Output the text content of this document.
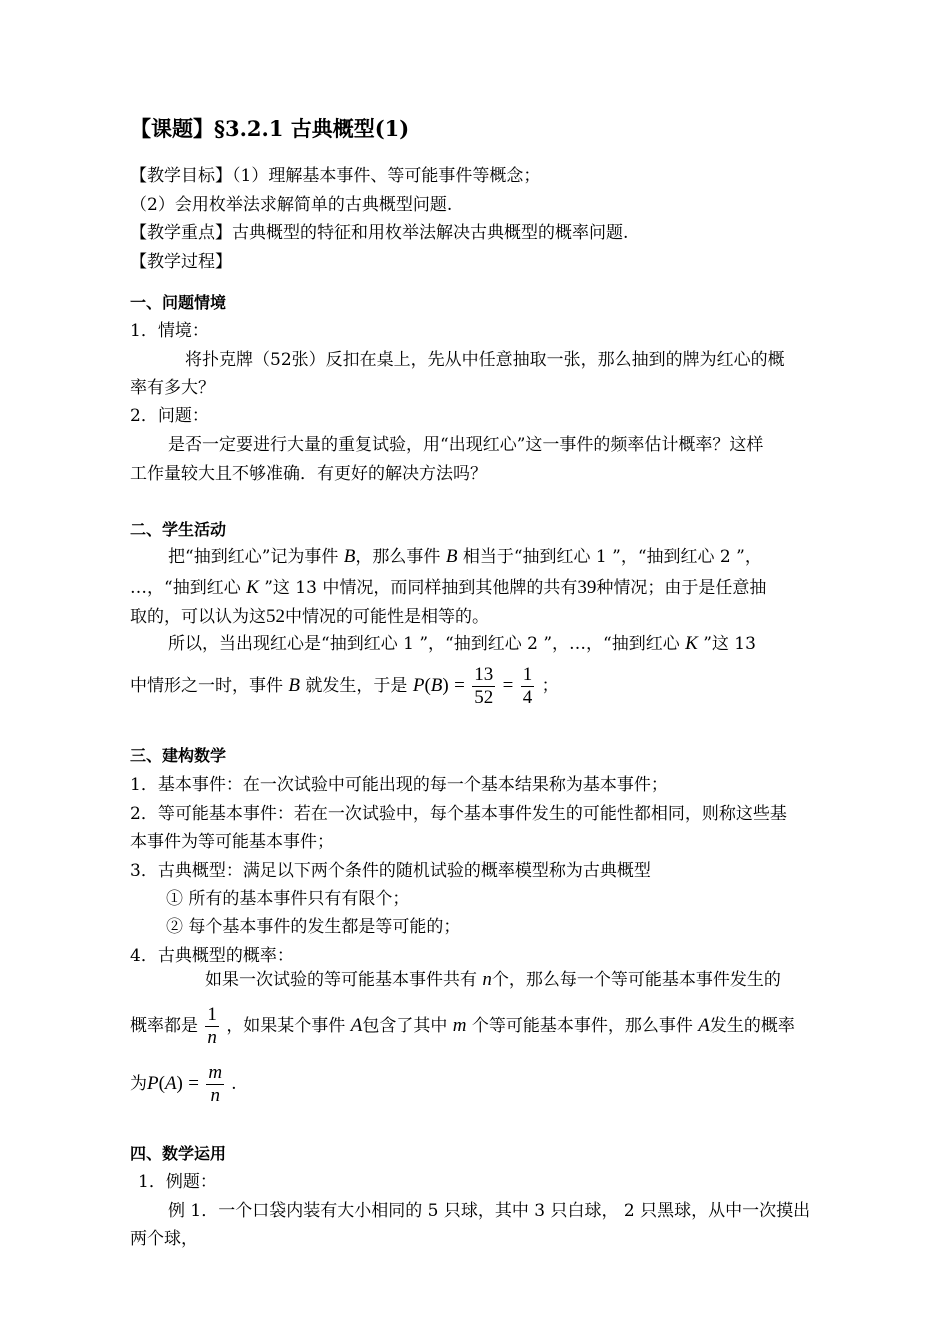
【课题】§3.2.1 古典概型(1)
【教学目标】（1）理解基本事件、等可能事件等概念；
（2）会用枚举法求解简单的古典概型问题.
【教学重点】古典概型的特征和用枚举法解决古典概型的概率问题.
【教学过程】
一、问题情境
1．情境：
将扑克牌（52张）反扣在桌上，先从中任意抽取一张，那么抽到的牌为红心的概
率有多大？
2．问题：
是否一定要进行大量的重复试验，用“出现红心”这一事件的频率估计概率？这样
工作量较大且不够准确．有更好的解决方法吗？
二、学生活动
把“抽到红心”记为事件 B，那么事件 B 相当于“抽到红心 1 ”，“抽到红心 2 ”，
…，“抽到红心 K ”这 13 中情况，而同样抽到其他牌的共有39种情况；由于是任意抽
取的，可以认为这52中情况的可能性是相等的。
所以，当出现红心是“抽到红心 1 ”，“抽到红心 2 ”，…，“抽到红心 K ”这 13
中情形之一时，事件 B 就发生，于是 $P(B) = \frac{13}{52} = \frac{1}{4}$ ；
三、建构数学
1．基本事件：在一次试验中可能出现的每一个基本结果称为基本事件；
2．等可能基本事件：若在一次试验中，每个基本事件发生的可能性都相同，则称这些基
本事件为等可能基本事件；
3．古典概型：满足以下两个条件的随机试验的概率模型称为古典概型
① 所有的基本事件只有有限个；
② 每个基本事件的发生都是等可能的；
4．古典概型的概率：
如果一次试验的等可能基本事件共有 n个，那么每一个等可能基本事件发生的
概率都是 $\frac{1}{n}$ ，如果某个事件 A包含了其中 m 个等可能基本事件，那么事件 A发生的概率
为$P(A) = \frac{m}{n}$ .
四、数学运用
1．例题：
例 1．一个口袋内装有大小相同的 5 只球，其中 3 只白球， 2 只黑球，从中一次摸出
两个球，
